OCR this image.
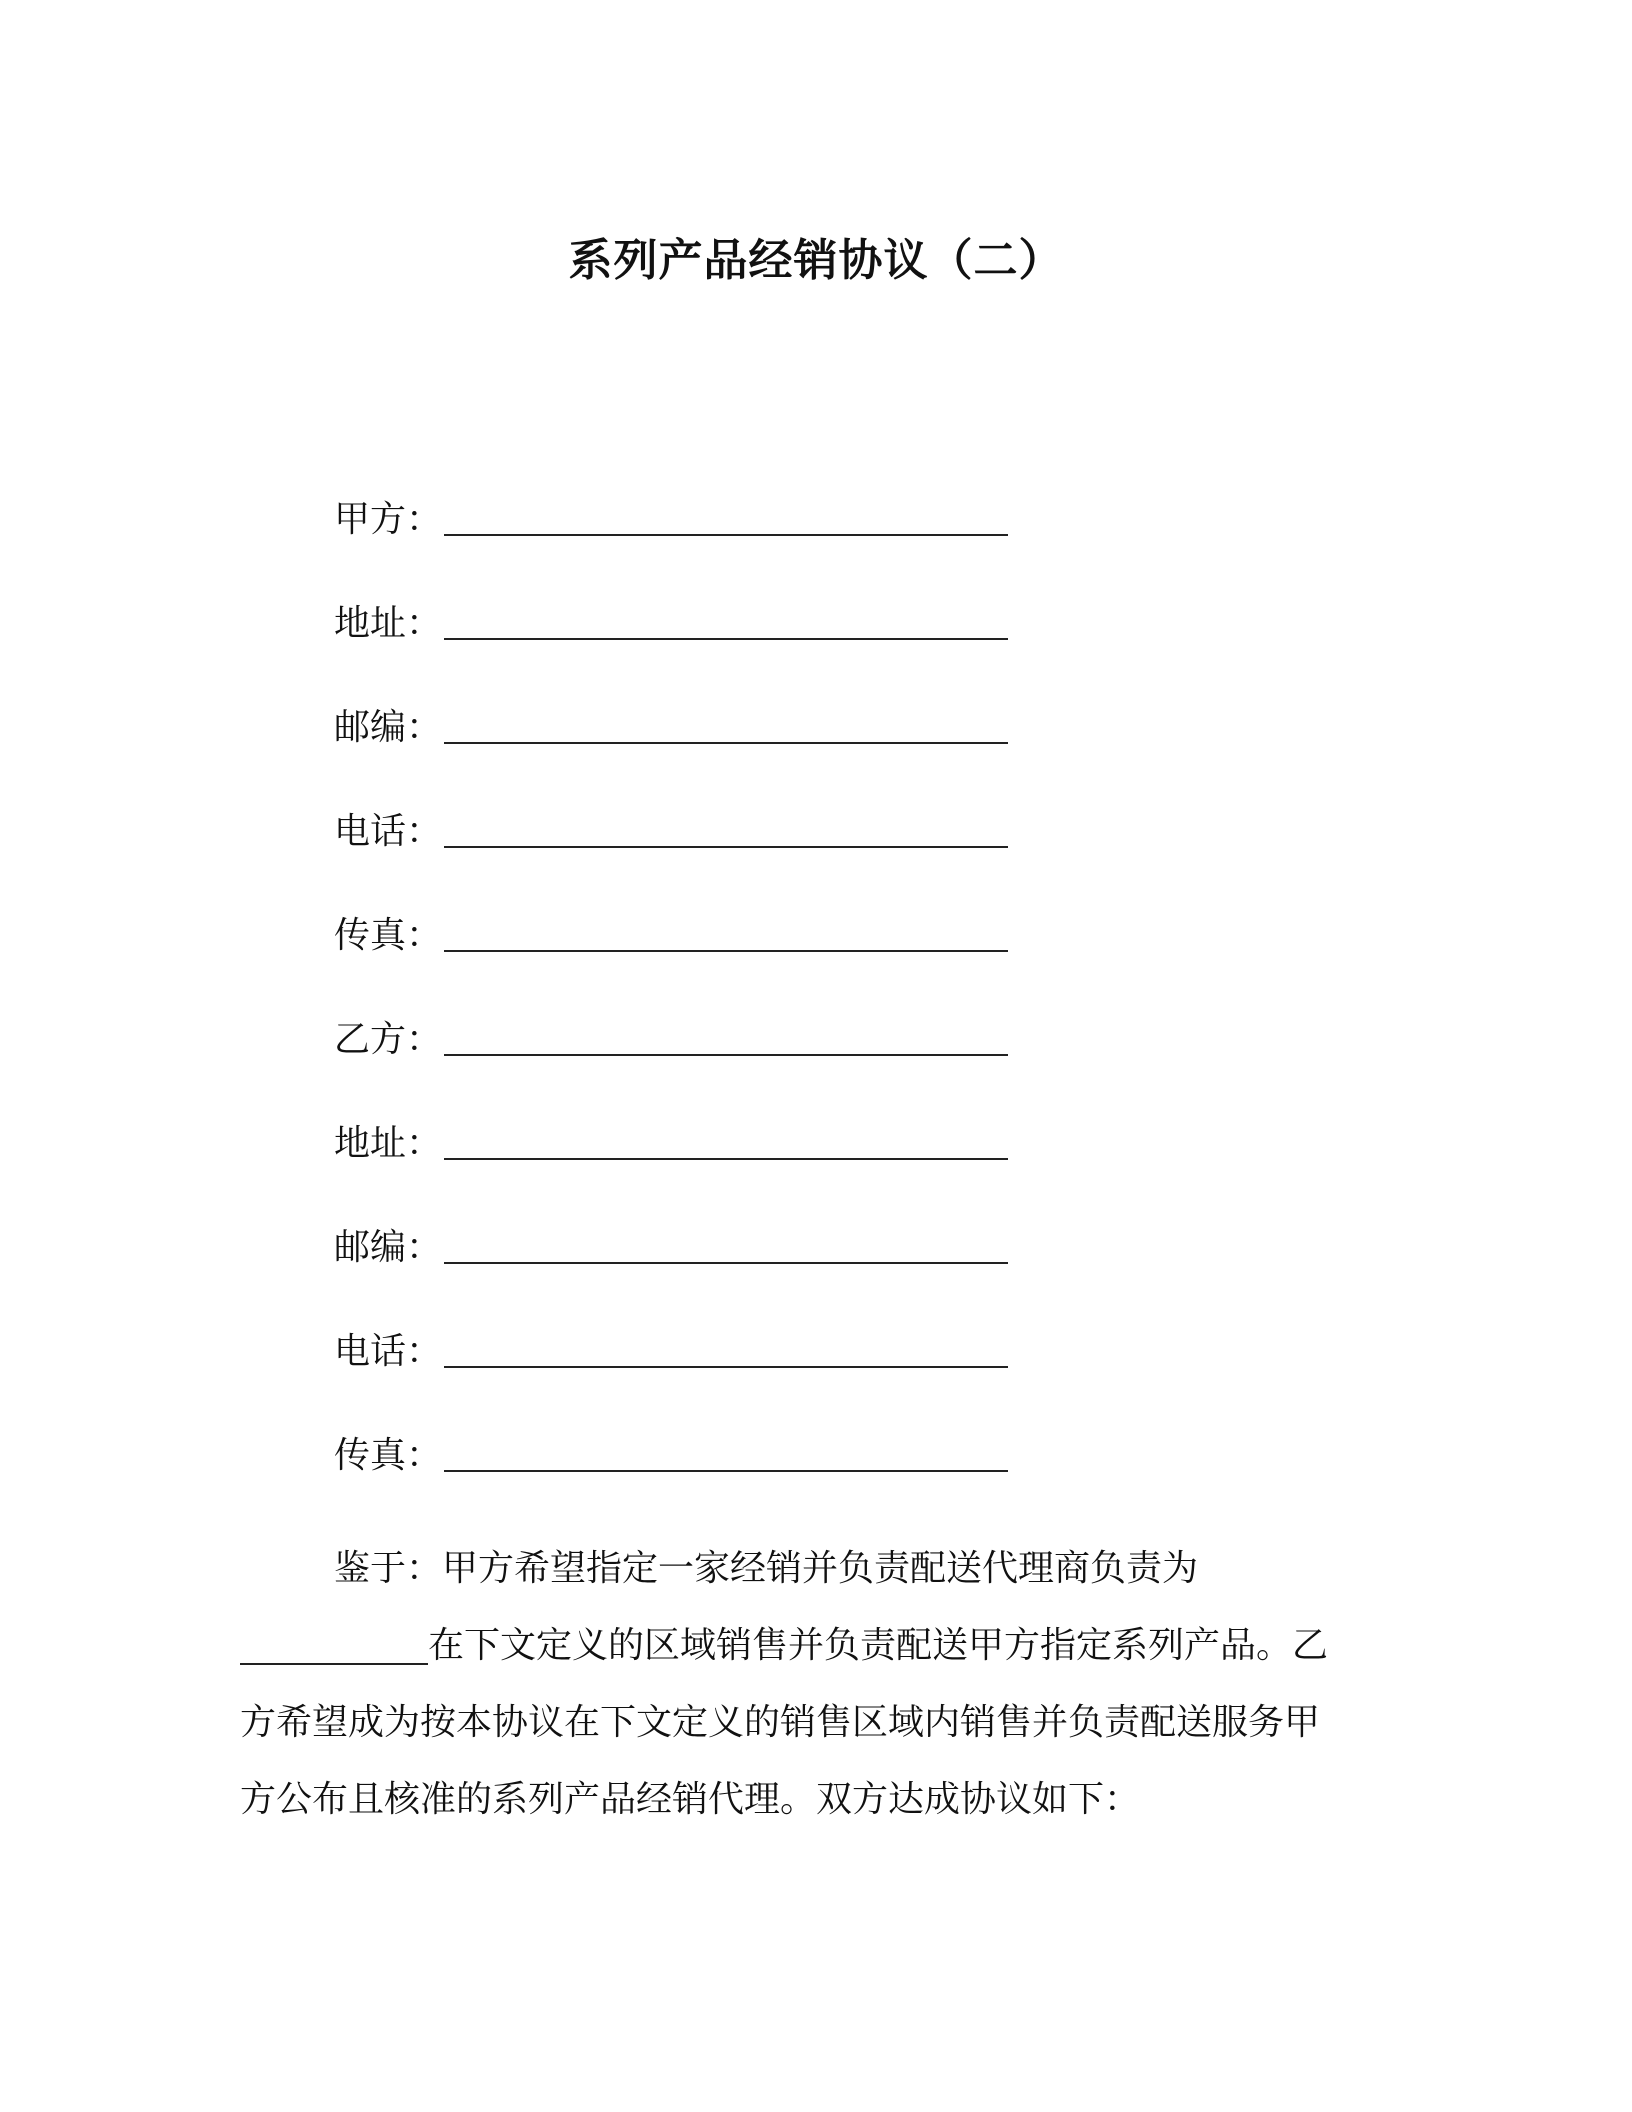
系列产品经销协议（二）
甲方：
地址：
邮编：
电话：
传真：
乙方：
地址：
邮编：
电话：
传真：
鉴于：甲方希望指定一家经销并负责配送代理商负责为
在下文定义的区域销售并负责配送甲方指定系列产品。乙
方希望成为按本协议在下文定义的销售区域内销售并负责配送服务甲
方公布且核准的系列产品经销代理。双方达成协议如下：
